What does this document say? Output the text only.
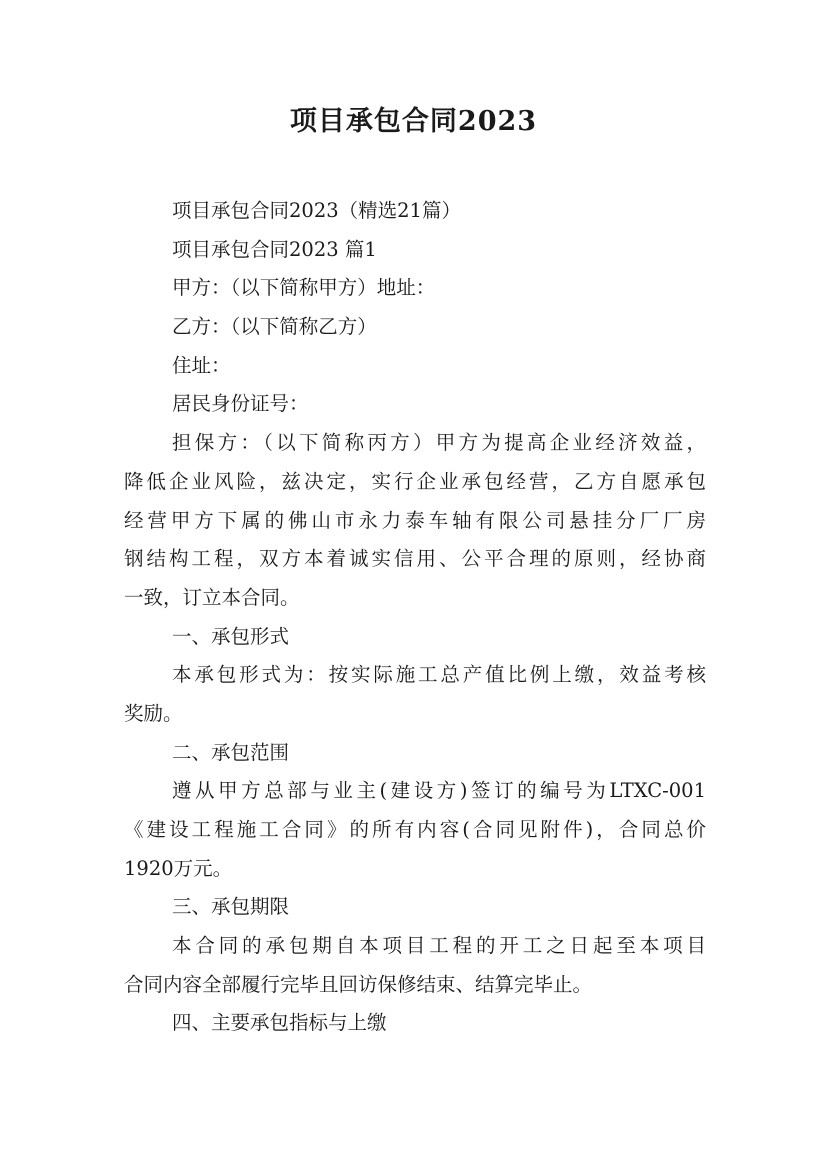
项目承包合同2023
项目承包合同2023（精选21篇）
项目承包合同2023 篇1
甲方：（以下简称甲方）地址：
乙方：（以下简称乙方）
住址：
居民身份证号：
担保方：（以下简称丙方）甲方为提高企业经济效益，
降低企业风险，兹决定，实行企业承包经营，乙方自愿承包
经营甲方下属的佛山市永力泰车轴有限公司悬挂分厂厂房
钢结构工程，双方本着诚实信用、公平合理的原则，经协商
一致，订立本合同。
一、承包形式
本承包形式为：按实际施工总产值比例上缴，效益考核
奖励。
二、承包范围
遵从甲方总部与业主(建设方)签订的编号为LTXC-001
《建设工程施工合同》的所有内容(合同见附件)，合同总价
1920万元。
三、承包期限
本合同的承包期自本项目工程的开工之日起至本项目
合同内容全部履行完毕且回访保修结束、结算完毕止。
四、主要承包指标与上缴
